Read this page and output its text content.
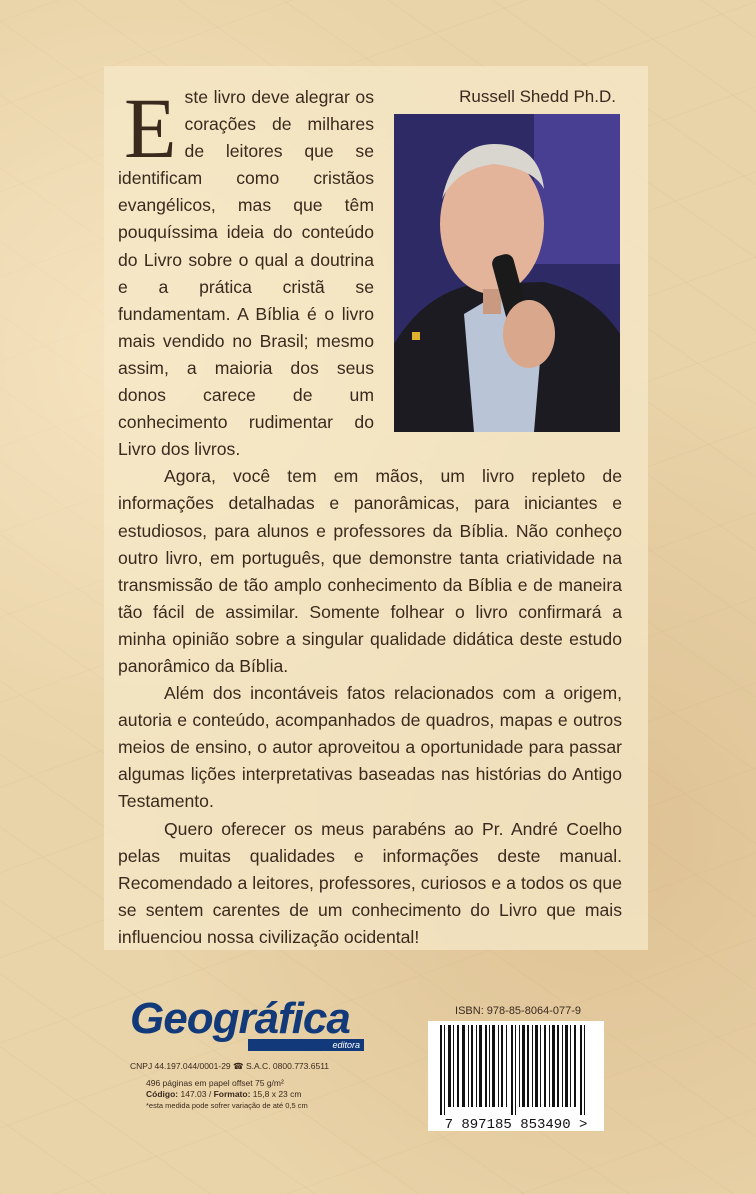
Russell Shedd Ph.D.
E ste livro deve alegrar os corações de milhares de leitores que se identificam como cristãos evangélicos, mas que têm pouquíssima ideia do conteúdo do Livro sobre o qual a doutrina e a prática cristã se fundamentam. A Bíblia é o livro mais vendido no Brasil; mesmo assim, a maioria dos seus donos carece de um conhecimento rudimentar do Livro dos livros.

Agora, você tem em mãos, um livro repleto de informações detalhadas e panorâmicas, para iniciantes e estudiosos, para alunos e professores da Bíblia. Não conheço outro livro, em português, que demonstre tanta criatividade na transmissão de tão amplo conhecimento da Bíblia e de maneira tão fácil de assimilar. Somente folhear o livro confirmará a minha opinião sobre a singular qualidade didática deste estudo panorâmico da Bíblia.

Além dos incontáveis fatos relacionados com a origem, autoria e conteúdo, acompanhados de quadros, mapas e outros meios de ensino, o autor aproveitou a oportunidade para passar algumas lições interpretativas baseadas nas histórias do Antigo Testamento.

Quero oferecer os meus parabéns ao Pr. André Coelho pelas muitas qualidades e informações deste manual. Recomendado a leitores, professores, curiosos e a todos os que se sentem carentes de um conhecimento do Livro que mais influenciou nossa civilização ocidental!

Geográfica
editora
CNPJ 44.197.044/0001-29 ☎ S.A.C. 0800.773.6511
496 páginas em papel offset 75 g/m²
Código: 147.03 / Formato: 15,8 x 23 cm
*esta medida pode sofrer variação de até 0,5 cm
ISBN: 978-85-8064-077-9
7 897185 853490 >
